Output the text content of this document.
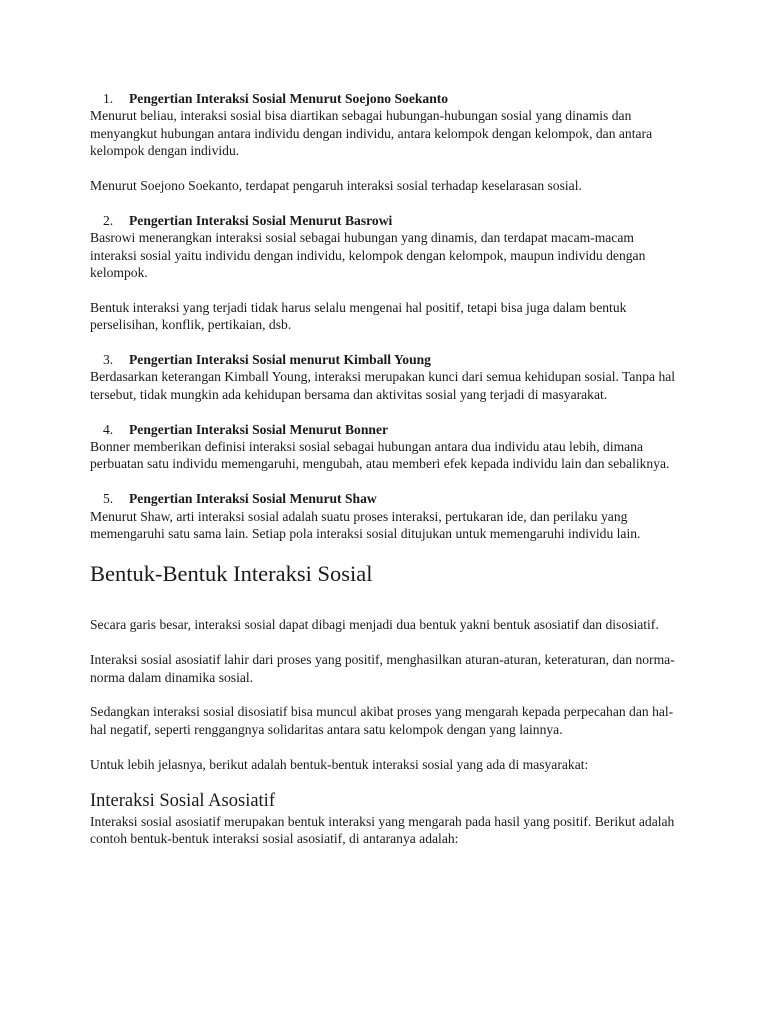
1. Pengertian Interaksi Sosial Menurut Soejono Soekanto

Menurut beliau, interaksi sosial bisa diartikan sebagai hubungan-hubungan sosial yang dinamis dan menyangkut hubungan antara individu dengan individu, antara kelompok dengan kelompok, dan antara kelompok dengan individu.

Menurut Soejono Soekanto, terdapat pengaruh interaksi sosial terhadap keselarasan sosial.

2. Pengertian Interaksi Sosial Menurut Basrowi

Basrowi menerangkan interaksi sosial sebagai hubungan yang dinamis, dan terdapat macam-macam interaksi sosial yaitu individu dengan individu, kelompok dengan kelompok, maupun individu dengan kelompok.

Bentuk interaksi yang terjadi tidak harus selalu mengenai hal positif, tetapi bisa juga dalam bentuk perselisihan, konflik, pertikaian, dsb.

3. Pengertian Interaksi Sosial menurut Kimball Young

Berdasarkan keterangan Kimball Young, interaksi merupakan kunci dari semua kehidupan sosial. Tanpa hal tersebut, tidak mungkin ada kehidupan bersama dan aktivitas sosial yang terjadi di masyarakat.

4. Pengertian Interaksi Sosial Menurut Bonner

Bonner memberikan definisi interaksi sosial sebagai hubungan antara dua individu atau lebih, dimana perbuatan satu individu memengaruhi, mengubah, atau memberi efek kepada individu lain dan sebaliknya.

5. Pengertian Interaksi Sosial Menurut Shaw

Menurut Shaw, arti interaksi sosial adalah suatu proses interaksi, pertukaran ide, dan perilaku yang memengaruhi satu sama lain. Setiap pola interaksi sosial ditujukan untuk memengaruhi individu lain.

Bentuk-Bentuk Interaksi Sosial

Secara garis besar, interaksi sosial dapat dibagi menjadi dua bentuk yakni bentuk asosiatif dan disosiatif.

Interaksi sosial asosiatif lahir dari proses yang positif, menghasilkan aturan-aturan, keteraturan, dan norma-norma dalam dinamika sosial.

Sedangkan interaksi sosial disosiatif bisa muncul akibat proses yang mengarah kepada perpecahan dan hal-hal negatif, seperti renggangnya solidaritas antara satu kelompok dengan yang lainnya.

Untuk lebih jelasnya, berikut adalah bentuk-bentuk interaksi sosial yang ada di masyarakat:

Interaksi Sosial Asosiatif

Interaksi sosial asosiatif merupakan bentuk interaksi yang mengarah pada hasil yang positif. Berikut adalah contoh bentuk-bentuk interaksi sosial asosiatif, di antaranya adalah:
